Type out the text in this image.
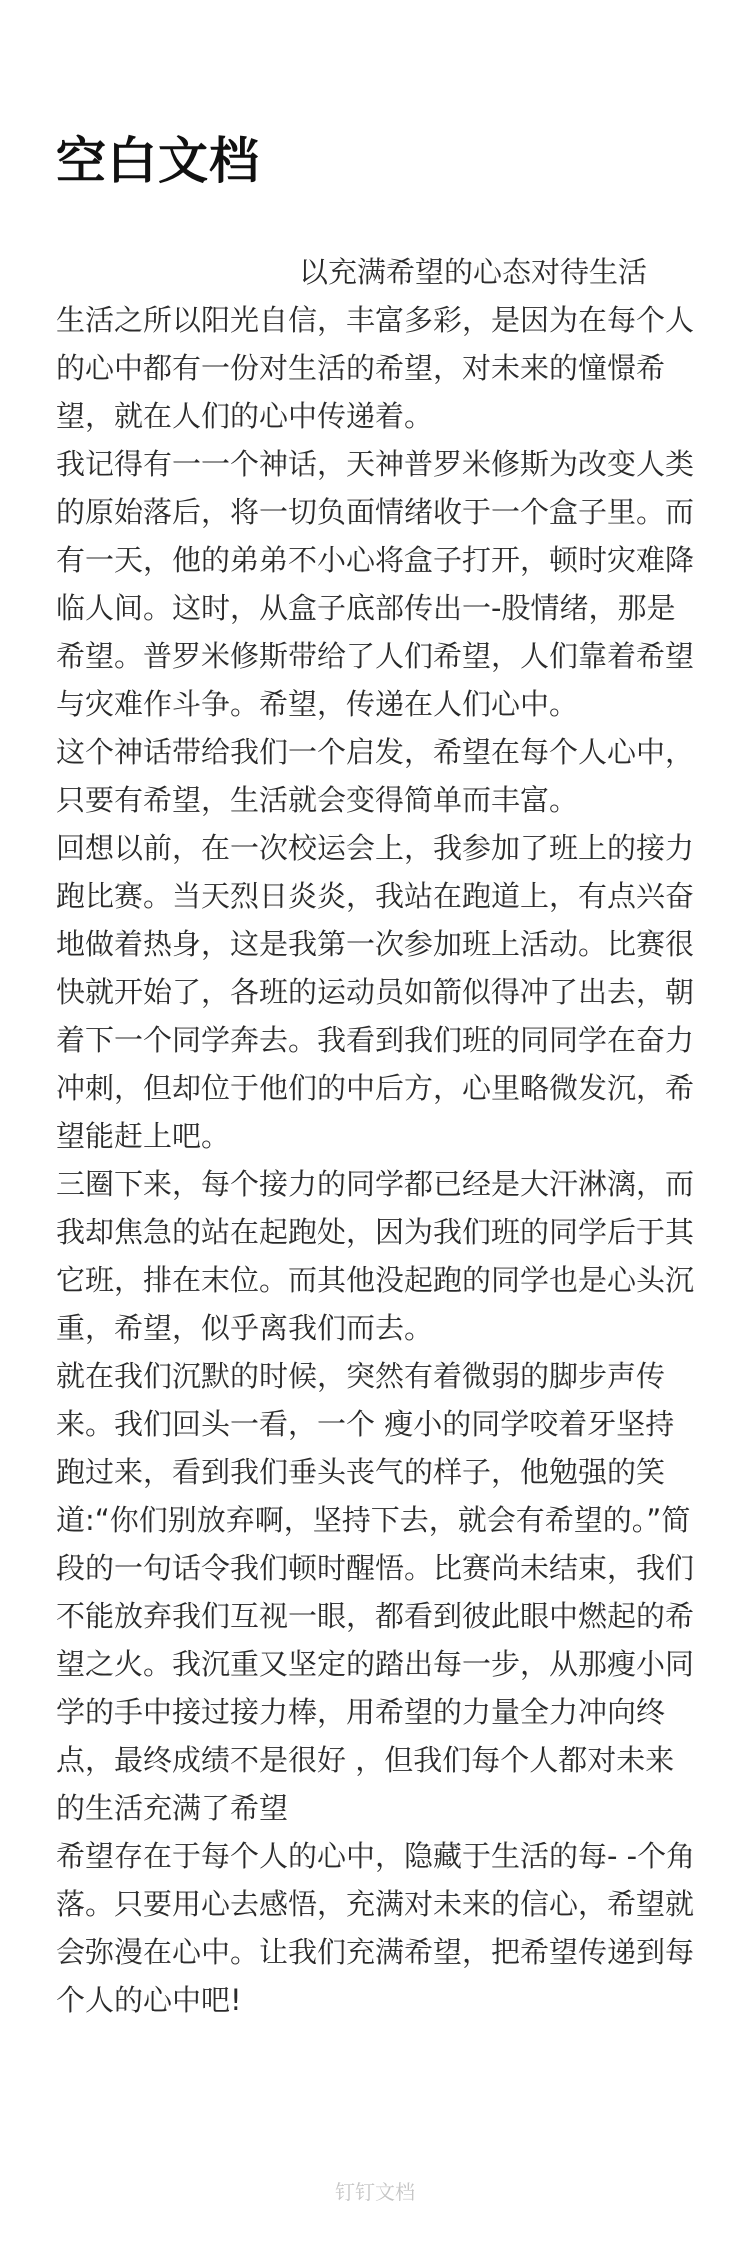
空白文档

以充满希望的心态对待生活

生活之所以阳光自信，丰富多彩，是因为在每个人的心中都有一份对生活的希望，对未来的憧憬希望，就在人们的心中传递着。

我记得有一一个神话，天神普罗米修斯为改变人类的原始落后，将一切负面情绪收于一个盒子里。而有一天，他的弟弟不小心将盒子打开，顿时灾难降临人间。这时，从盒子底部传出一-股情绪，那是希望。普罗米修斯带给了人们希望，人们靠着希望与灾难作斗争。希望，传递在人们心中。

这个神话带给我们一个启发，希望在每个人心中，只要有希望，生活就会变得简单而丰富。

回想以前，在一次校运会上，我参加了班上的接力跑比赛。当天烈日炎炎，我站在跑道上，有点兴奋地做着热身，这是我第一次参加班上活动。比赛很快就开始了，各班的运动员如箭似得冲了出去，朝着下一个同学奔去。我看到我们班的同同学在奋力冲刺，但却位于他们的中后方，心里略微发沉，希望能赶上吧。

三圈下来，每个接力的同学都已经是大汗淋漓，而我却焦急的站在起跑处，因为我们班的同学后于其它班，排在末位。而其他没起跑的同学也是心头沉重，希望，似乎离我们而去。

就在我们沉默的时候，突然有着微弱的脚步声传来。我们回头一看，一个 瘦小的同学咬着牙坚持跑过来，看到我们垂头丧气的样子，他勉强的笑道:“你们别放弃啊，坚持下去，就会有希望的。”简段的一句话令我们顿时醒悟。比赛尚未结束，我们不能放弃我们互视一眼，都看到彼此眼中燃起的希望之火。我沉重又坚定的踏出每一步，从那瘦小同学的手中接过接力棒，用希望的力量全力冲向终点，最终成绩不是很好 ，但我们每个人都对未来的生活充满了希望

希望存在于每个人的心中，隐藏于生活的每- -个角落。只要用心去感悟，充满对未来的信心，希望就会弥漫在心中。让我们充满希望，把希望传递到每个人的心中吧!

钉钉文档
